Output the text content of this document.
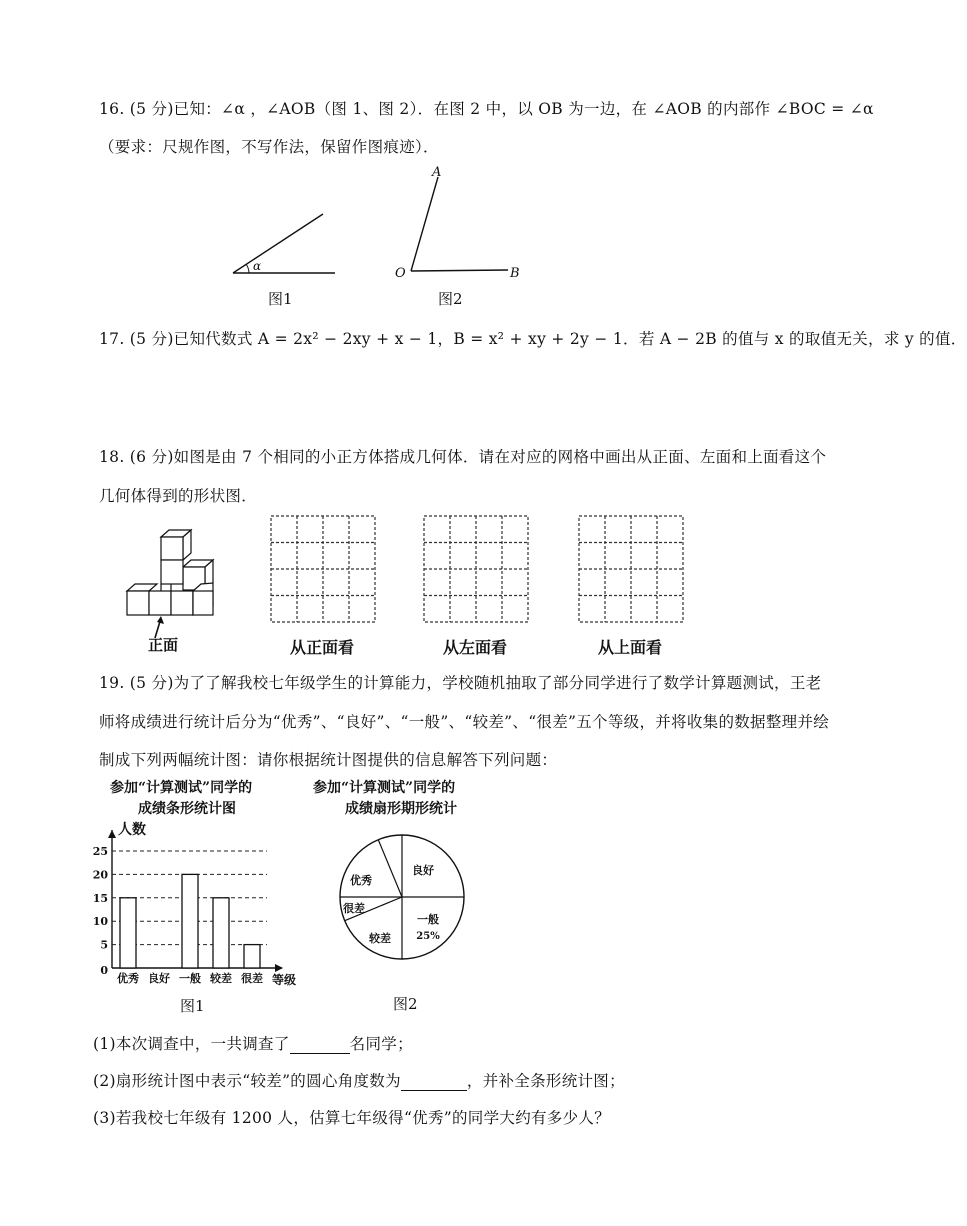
16. (5 分)已知：∠α ，∠AOB（图 1、图 2）．在图 2 中，以 OB 为一边，在 ∠AOB 的内部作 ∠BOC = ∠α
（要求：尺规作图，不写作法，保留作图痕迹）．
α
A
O	B
图1	图2
17. (5 分)已知代数式 A = 2x² − 2xy + x − 1，B = x² + xy + 2y − 1．若 A − 2B 的值与 x 的取值无关，求 y 的值．
18. (6 分)如图是由 7 个相同的小正方体搭成几何体．请在对应的网格中画出从正面、左面和上面看这个
几何体得到的形状图．
正面	从正面看	从左面看	从上面看
19. (5 分)为了了解我校七年级学生的计算能力，学校随机抽取了部分同学进行了数学计算题测试，王老
师将成绩进行统计后分为“优秀”、“良好”、“一般”、“较差”、“很差”五个等级，并将收集的数据整理并绘
制成下列两幅统计图：请你根据统计图提供的信息解答下列问题：
参加“计算测试”同学的
成绩条形统计图
参加“计算测试”同学的
成绩扇形期形统计
人数
等级
0
5
10
15
20
25
优秀 良好 一般 较差 很差
优秀
良好
一般
25%
较差
很差
图1	图2
(1)本次调查中，一共调查了	名同学；
(2)扇形统计图中表示“较差”的圆心角度数为	，并补全条形统计图；
(3)若我校七年级有 1200 人，估算七年级得“优秀”的同学大约有多少人？
